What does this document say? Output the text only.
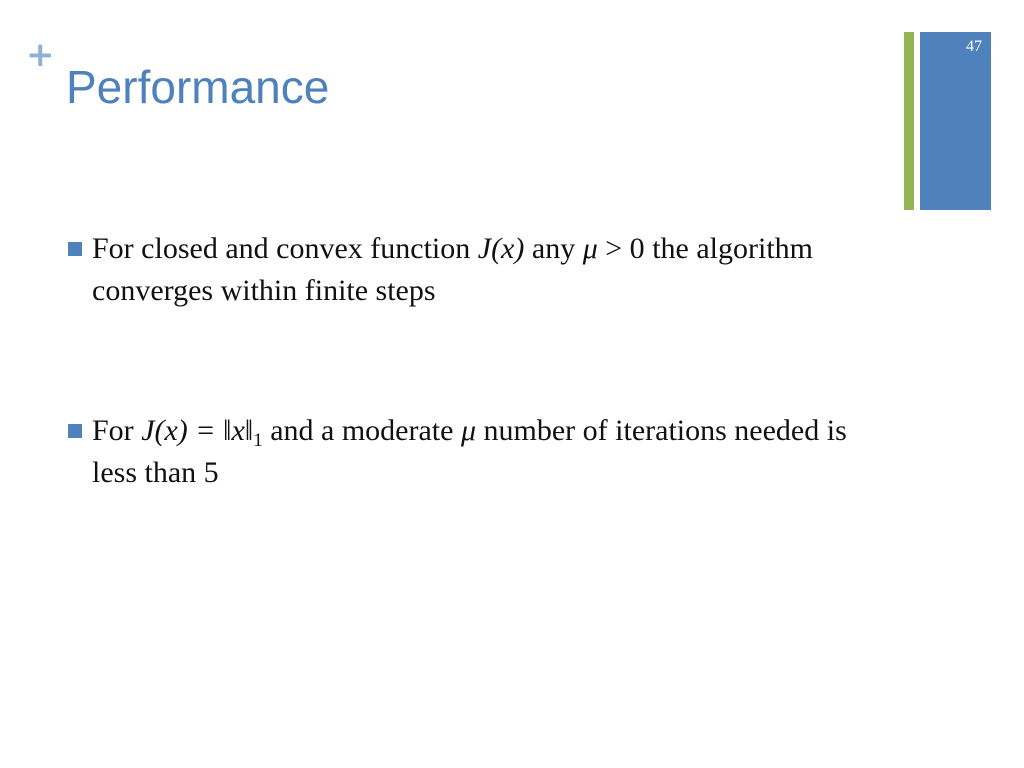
+
Performance
47
For closed and convex function J(x) any μ > 0 the algorithm converges within finite steps
For $J(x) = ‖x‖_1$ and a moderate μ number of iterations needed is less than 5
